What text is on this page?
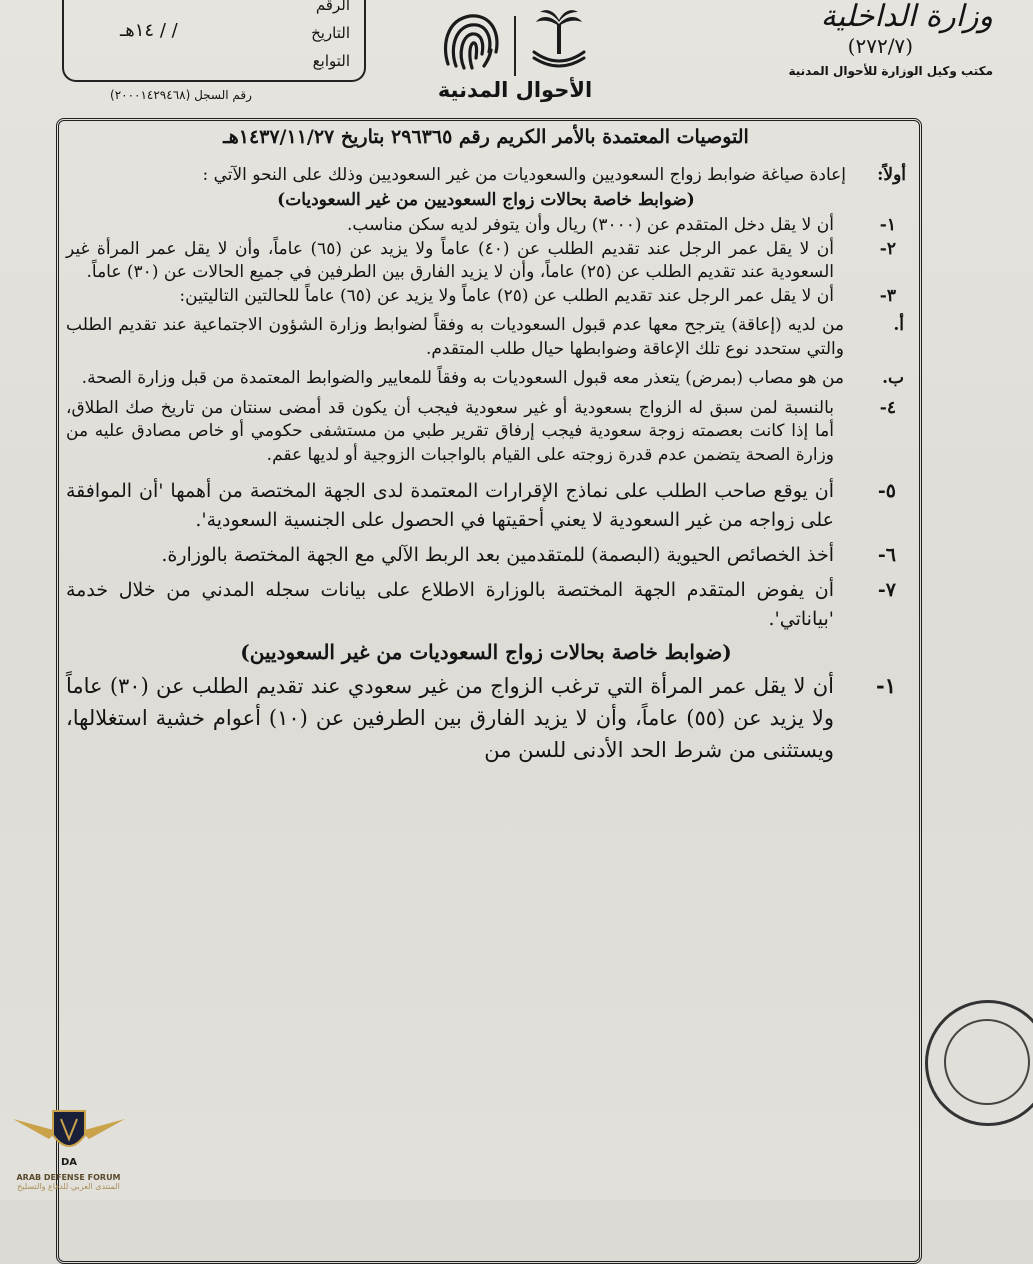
وزارة الداخلية
(٢٧٢/٧)
مكتب وكيل الوزارة للأحوال المدنية
الأحوال المدنية
الرقم
التاريخ
التوابع
/ / ١٤هـ
رقم السجل (٢٠٠٠١٤٢٩٤٦٨)
التوصيات المعتمدة بالأمر الكريم رقم ٢٩٦٣٦٥ بتاريخ ١٤٣٧/١١/٢٧هـ
أولاً:
إعادة صياغة ضوابط زواج السعوديين والسعوديات من غير السعوديين وذلك على النحو الآتي :
(ضوابط خاصة بحالات زواج السعوديين من غير السعوديات)
١-
أن لا يقل دخل المتقدم عن (٣٠٠٠) ريال وأن يتوفر لديه سكن مناسب.
٢-
أن لا يقل عمر الرجل عند تقديم الطلب عن (٤٠) عاماً ولا يزيد عن (٦٥) عاماً، وأن لا يقل عمر المرأة غير السعودية عند تقديم الطلب عن (٢٥) عاماً، وأن لا يزيد الفارق بين الطرفين في جميع الحالات عن (٣٠) عاماً.
٣-
أن لا يقل عمر الرجل عند تقديم الطلب عن (٢٥) عاماً ولا يزيد عن (٦٥) عاماً للحالتين التاليتين:
أ.
من لديه (إعاقة) يترجح معها عدم قبول السعوديات به وفقاً لضوابط وزارة الشؤون الاجتماعية عند تقديم الطلب والتي ستحدد نوع تلك الإعاقة وضوابطها حيال طلب المتقدم.
ب.
من هو مصاب (بمرض) يتعذر معه قبول السعوديات به وفقاً للمعايير والضوابط المعتمدة من قبل وزارة الصحة.
٤-
بالنسبة لمن سبق له الزواج بسعودية أو غير سعودية فيجب أن يكون قد أمضى سنتان من تاريخ صك الطلاق، أما إذا كانت بعصمته زوجة سعودية فيجب إرفاق تقرير طبي من مستشفى حكومي أو خاص مصادق عليه من وزارة الصحة يتضمن عدم قدرة زوجته على القيام بالواجبات الزوجية أو لديها عقم.
٥-
أن يوقع صاحب الطلب على نماذج الإقرارات المعتمدة لدى الجهة المختصة من أهمها 'أن الموافقة على زواجه من غير السعودية لا يعني أحقيتها في الحصول على الجنسية السعودية'.
٦-
أخذ الخصائص الحيوية (البصمة) للمتقدمين بعد الربط الآلي مع الجهة المختصة بالوزارة.
٧-
أن يفوض المتقدم الجهة المختصة بالوزارة الاطلاع على بيانات سجله المدني من خلال خدمة 'بياناتي'.
(ضوابط خاصة بحالات زواج السعوديات من غير السعوديين)
١-
أن لا يقل عمر المرأة التي ترغب الزواج من غير سعودي عند تقديم الطلب عن (٣٠) عاماً ولا يزيد عن (٥٥) عاماً، وأن لا يزيد الفارق بين الطرفين عن (١٠) أعوام خشية استغلالها، ويستثنى من شرط الحد الأدنى للسن من
DA
ARAB DEFENSE FORUM
المنتدى العربي للدفاع والتسليح
